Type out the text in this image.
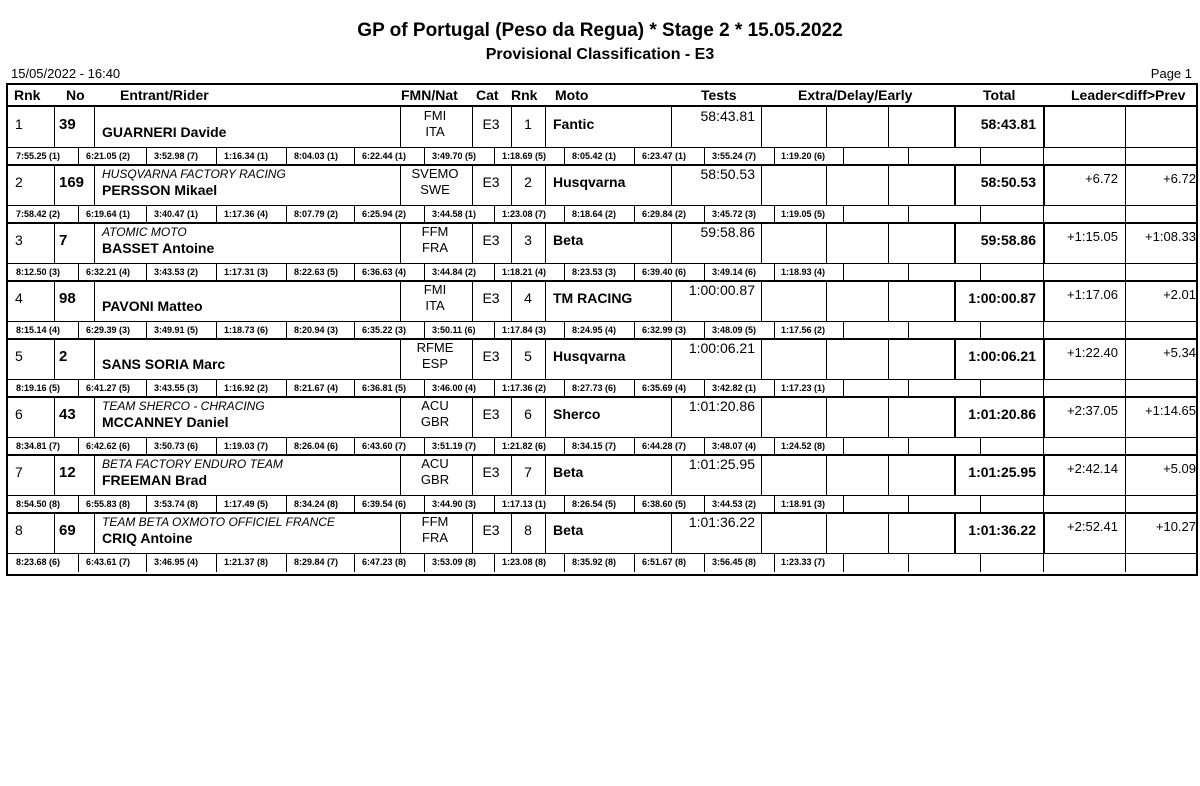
GP of Portugal (Peso da Regua) * Stage 2 * 15.05.2022
Provisional Classification - E3
15/05/2022 - 16:40	Page 1
Rnk No	Entrant/Rider	FMN/Nat Cat Rnk Moto	Tests	Extra/Delay/Early	Total	Leader<diff>Prev
1 39 GUARNERI Davide
FMI
ITA	E3	1	Fantic	58:43.81	58:43.81
7:55.25 (1)	6:21.05 (2)	3:52.98 (7)	1:16.34 (1)	8:04.03 (1)	6:22.44 (1)	3:49.70 (5)	1:18.69 (5)	8:05.42 (1)	6:23.47 (1)	3:55.24 (7)	1:19.20 (6)
2 169 HUSQVARNA FACTORY RACING
PERSSON Mikael
SVEMO
SWE	E3	2	Husqvarna	58:50.53	58:50.53	+6.72	+6.72
7:58.42 (2)	6:19.64 (1)	3:40.47 (1)	1:17.36 (4)	8:07.79 (2)	6:25.94 (2)	3:44.58 (1)	1:23.08 (7)	8:18.64 (2)	6:29.84 (2)	3:45.72 (3)	1:19.05 (5)
3 7	ATOMIC MOTO
BASSET Antoine
FFM
FRA	E3	3	Beta	59:58.86	59:58.86	+1:15.05	+1:08.33
8:12.50 (3)	6:32.21 (4)	3:43.53 (2)	1:17.31 (3)	8:22.63 (5)	6:36.63 (4)	3:44.84 (2)	1:18.21 (4)	8:23.53 (3)	6:39.40 (6)	3:49.14 (6)	1:18.93 (4)
4 98 PAVONI Matteo
FMI
ITA	E3	4	TM RACING	1:00:00.87	1:00:00.87	+1:17.06	+2.01
8:15.14 (4)	6:29.39 (3)	3:49.91 (5)	1:18.73 (6)	8:20.94 (3)	6:35.22 (3)	3:50.11 (6)	1:17.84 (3)	8:24.95 (4)	6:32.99 (3)	3:48.09 (5)	1:17.56 (2)
5 2 SANS SORIA Marc
RFME
ESP	E3	5	Husqvarna	1:00:06.21	1:00:06.21	+1:22.40	+5.34
8:19.16 (5)	6:41.27 (5)	3:43.55 (3)	1:16.92 (2)	8:21.67 (4)	6:36.81 (5)	3:46.00 (4)	1:17.36 (2)	8:27.73 (6)	6:35.69 (4)	3:42.82 (1)	1:17.23 (1)
6 43 TEAM SHERCO - CHRACING
MCCANNEY Daniel
ACU
GBR	E3	6	Sherco	1:01:20.86	1:01:20.86	+2:37.05	+1:14.65
8:34.81 (7)	6:42.62 (6)	3:50.73 (6)	1:19.03 (7)	8:26.04 (6)	6:43.60 (7)	3:51.19 (7)	1:21.82 (6)	8:34.15 (7)	6:44.28 (7)	3:48.07 (4)	1:24.52 (8)
7 12 BETA FACTORY ENDURO TEAM
FREEMAN Brad
ACU
GBR	E3	7	Beta	1:01:25.95	1:01:25.95	+2:42.14	+5.09
8:54.50 (8)	6:55.83 (8)	3:53.74 (8)	1:17.49 (5)	8:34.24 (8)	6:39.54 (6)	3:44.90 (3)	1:17.13 (1)	8:26.54 (5)	6:38.60 (5)	3:44.53 (2)	1:18.91 (3)
8 69 TEAM BETA OXMOTO OFFICIEL FRANCE
CRIQ Antoine
FFM
FRA	E3	8	Beta	1:01:36.22	1:01:36.22	+2:52.41	+10.27
8:23.68 (6)	6:43.61 (7)	3:46.95 (4)	1:21.37 (8)	8:29.84 (7)	6:47.23 (8)	3:53.09 (8)	1:23.08 (8)	8:35.92 (8)	6:51.67 (8)	3:56.45 (8)	1:23.33 (7)
